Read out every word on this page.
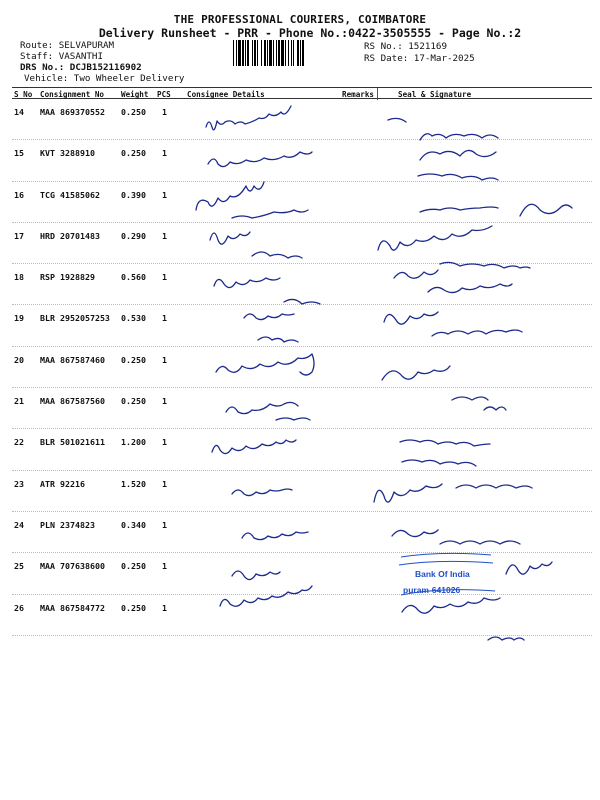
THE PROFESSIONAL COURIERS, COIMBATORE
Delivery Runsheet - PRR - Phone No.:0422-3505555 - Page No.:2
Route: SELVAPURAM
Staff: VASANTHI
DRS No.: DCJB152116902
Vehicle: Two Wheeler Delivery
RS No.: 1521169
RS Date: 17-Mar-2025
S No Consignment No Weight PCS Consignee Details	Remarks	Seal & Signature
14 MAA 869370552 0.250 1
15 KVT 3288910	0.250 1
16 TCG 41585062	0.390 1
17 HRD 20701483	0.290 1
18 RSP 1928829	0.560 1
19 BLR 2952057253 0.530 1
20 MAA 867587460 0.250 1
21 MAA 867587560 0.250 1
22 BLR 501021611 1.200 1
23 ATR 92216	1.520 1
24 PLN 2374823	0.340 1
25 MAA 707638600 0.250 1
26 MAA 867584772 0.250 1
Bank Of India
puram-641026
